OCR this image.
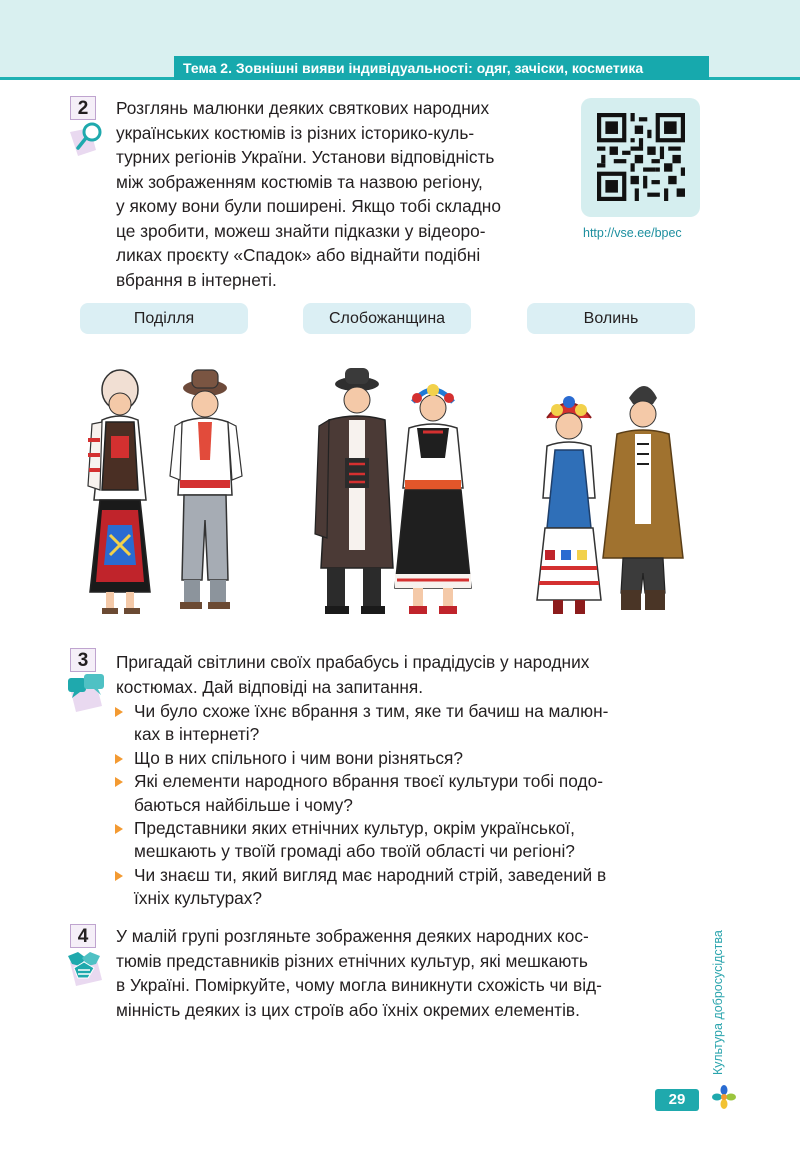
Тема 2. Зовнішні вияви індивідуальності: одяг, зачіски, косметика
2	Розглянь малюнки деяких святкових народних
українських костюмів із різних історико-куль-
турних регіонів України. Установи відповідність
між зображенням костюмів та назвою регіону,
у якому вони були поширені. Якщо тобі складно
це зробити, можеш знайти підказки у відеоро-
ликах проєкту «Спадок» або віднайти подібні
вбрання в інтернеті.
http://vse.ee/bpec
Поділля	Слобожанщина	Волинь
3	Пригадай світлини своїх прабабусь і прадідусів у народних
костюмах. Дай відповіді на запитання.
Чи було схоже їхнє вбрання з тим, яке ти бачиш на малюн-
ках в інтернеті?
Що в них спільного і чим вони різняться?
Які елементи народного вбрання твоєї культури тобі подо-
баються найбільше і чому?
Представники яких етнічних культур, окрім української,
мешкають у твоїй громаді або твоїй області чи регіоні?
Чи знаєш ти, який вигляд має народний стрій, заведений в
їхніх культурах?
4	У малій групі розгляньте зображення деяких народних кос-
тюмів представників різних етнічних культур, які мешкають
в Україні. Поміркуйте, чому могла виникнути схожість чи від-
мінність деяких із цих строїв або їхніх окремих елементів.	Культура добросусідства
29
